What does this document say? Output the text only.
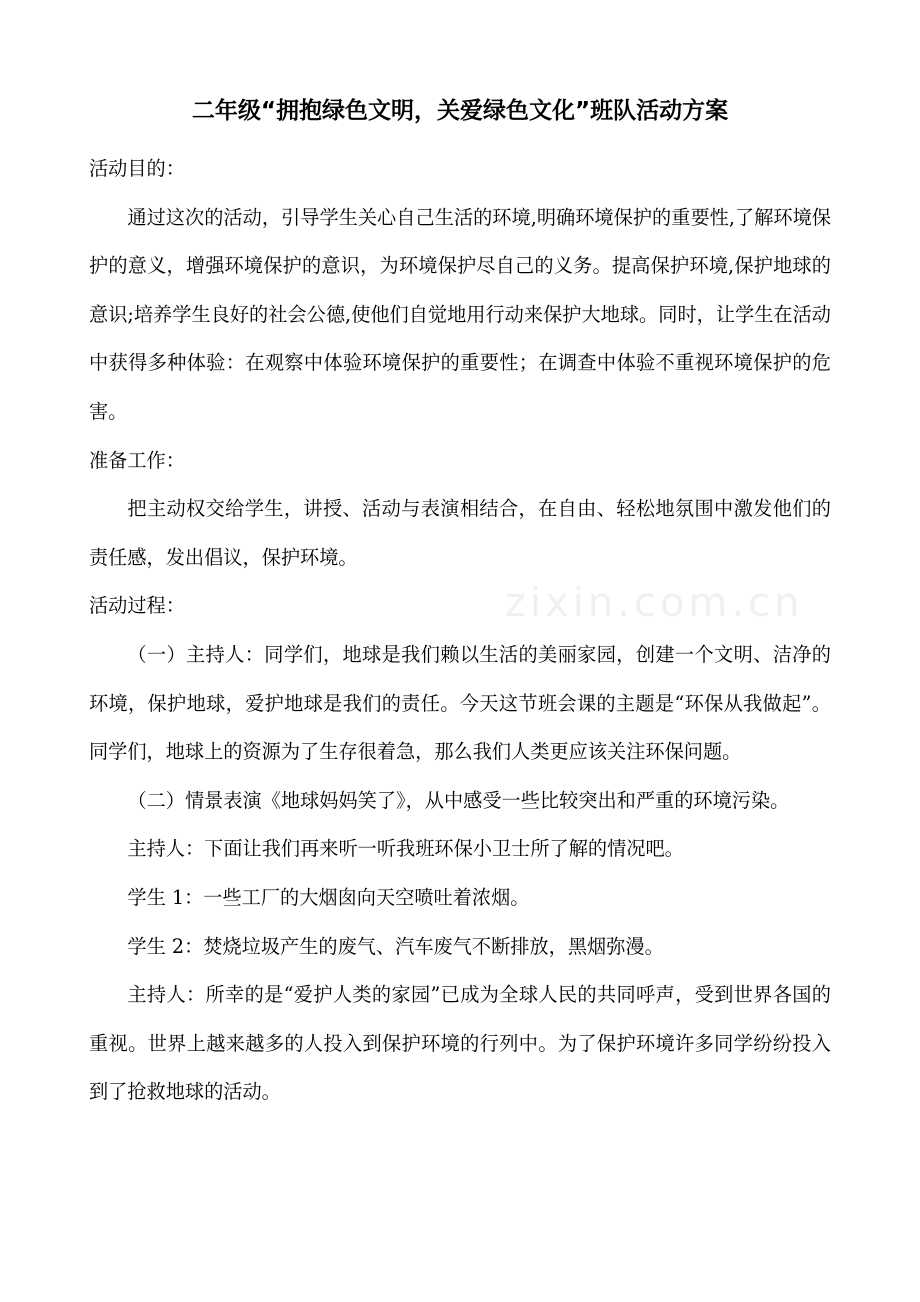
二年级“拥抱绿色文明，关爱绿色文化”班队活动方案
zixin.com.cn

活动目的：

通过这次的活动，引导学生关心自己生活的环境,明确环境保护的重要性,了解环境保护的意义，增强环境保护的意识，为环境保护尽自己的义务。提高保护环境,保护地球的意识;培养学生良好的社会公德,使他们自觉地用行动来保护大地球。同时，让学生在活动中获得多种体验：在观察中体验环境保护的重要性；在调查中体验不重视环境保护的危害。

准备工作：

把主动权交给学生，讲授、活动与表演相结合，在自由、轻松地氛围中激发他们的责任感，发出倡议，保护环境。

活动过程：

（一）主持人：同学们，地球是我们赖以生活的美丽家园，创建一个文明、洁净的环境，保护地球，爱护地球是我们的责任。今天这节班会课的主题是“环保从我做起”。同学们，地球上的资源为了生存很着急，那么我们人类更应该关注环保问题。

（二）情景表演《地球妈妈笑了》，从中感受一些比较突出和严重的环境污染。

主持人：下面让我们再来听一听我班环保小卫士所了解的情况吧。

学生 1：一些工厂的大烟囱向天空喷吐着浓烟。

学生 2：焚烧垃圾产生的废气、汽车废气不断排放，黑烟弥漫。

主持人：所幸的是“爱护人类的家园”已成为全球人民的共同呼声，受到世界各国的重视。世界上越来越多的人投入到保护环境的行列中。为了保护环境许多同学纷纷投入到了抢救地球的活动。
